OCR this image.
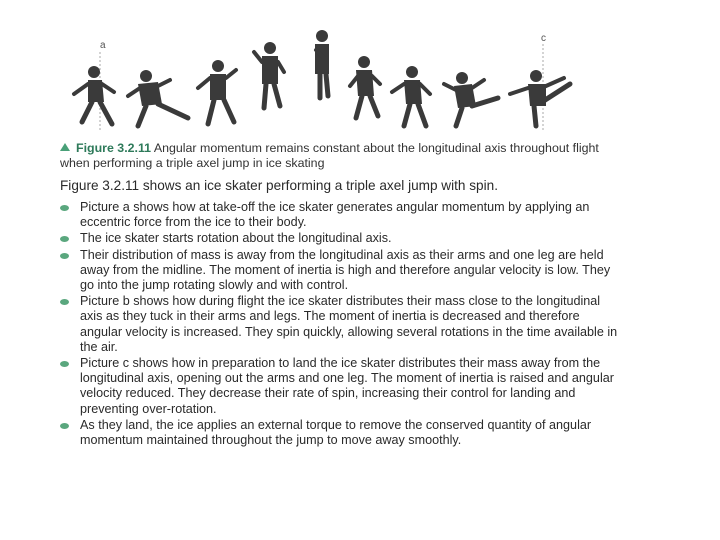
a
c
Figure 3.2.11 Angular momentum remains constant about the longitudinal axis throughout flight when performing a triple axel jump in ice skating
Figure 3.2.11 shows an ice skater performing a triple axel jump with spin.
Picture a shows how at take-off the ice skater generates angular momentum by applying an eccentric force from the ice to their body.
The ice skater starts rotation about the longitudinal axis.
Their distribution of mass is away from the longitudinal axis as their arms and one leg are held away from the midline. The moment of inertia is high and therefore angular velocity is low. They go into the jump rotating slowly and with control.
Picture b shows how during flight the ice skater distributes their mass close to the longitudinal axis as they tuck in their arms and legs. The moment of inertia is decreased and therefore angular velocity is increased. They spin quickly, allowing several rotations in the time available in the air.
Picture c shows how in preparation to land the ice skater distributes their mass away from the longitudinal axis, opening out the arms and one leg. The moment of inertia is raised and angular velocity reduced. They decrease their rate of spin, increasing their control for landing and preventing over-rotation.
As they land, the ice applies an external torque to remove the conserved quantity of angular momentum maintained throughout the jump to move away smoothly.
